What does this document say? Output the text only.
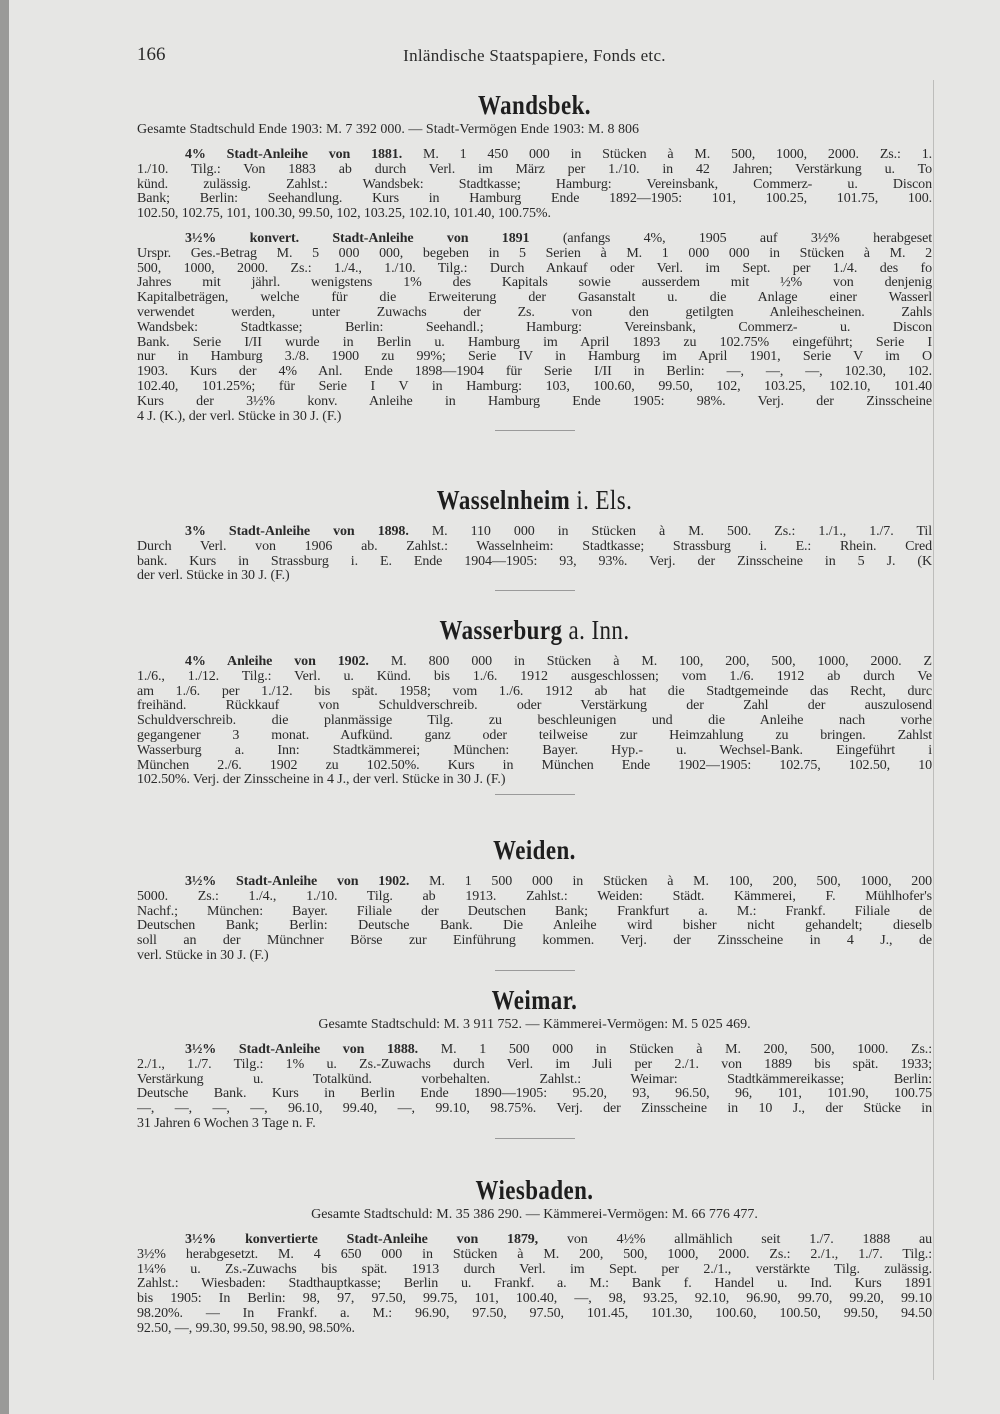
166	Inländische Staatspapiere, Fonds etc.
Wandsbek.
Gesamte Stadtschuld Ende 1903: M. 7 392 000. — Stadt-Vermögen Ende 1903: M. 8 806
4% Stadt-Anleihe von 1881. M. 1 450 000 in Stücken à M. 500, 1000, 2000. Zs.: 1.
1./10. Tilg.: Von 1883 ab durch Verl. im März per 1./10. in 42 Jahren; Verstärkung u. To
künd. zulässig. Zahlst.: Wandsbek: Stadtkasse; Hamburg: Vereinsbank, Commerz- u. Discon
Bank; Berlin: Seehandlung. Kurs in Hamburg Ende 1892—1905: 101, 100.25, 101.75, 100.
102.50, 102.75, 101, 100.30, 99.50, 102, 103.25, 102.10, 101.40, 100.75%.
3½% konvert. Stadt-Anleihe von 1891 (anfangs 4%, 1905 auf 3½% herabgeset
Urspr. Ges.-Betrag M. 5 000 000, begeben in 5 Serien à M. 1 000 000 in Stücken à M. 2
500, 1000, 2000. Zs.: 1./4., 1./10. Tilg.: Durch Ankauf oder Verl. im Sept. per 1./4. des fo
Jahres mit jährl. wenigstens 1% des Kapitals sowie ausserdem mit ½% von denjenig
Kapitalbeträgen, welche für die Erweiterung der Gasanstalt u. die Anlage einer Wasserl
verwendet werden, unter Zuwachs der Zs. von den getilgten Anleihescheinen. Zahls
Wandsbek: Stadtkasse; Berlin: Seehandl.; Hamburg: Vereinsbank, Commerz- u. Discon
Bank. Serie I/II wurde in Berlin u. Hamburg im April 1893 zu 102.75% eingeführt; Serie I
nur in Hamburg 3./8. 1900 zu 99%; Serie IV in Hamburg im April 1901, Serie V im O
1903. Kurs der 4% Anl. Ende 1898—1904 für Serie I/II in Berlin: —, —, —, 102.30, 102.
102.40, 101.25%; für Serie I V in Hamburg: 103, 100.60, 99.50, 102, 103.25, 102.10, 101.40
Kurs der 3½% konv. Anleihe in Hamburg Ende 1905: 98%. Verj. der Zinsscheine
4 J. (K.), der verl. Stücke in 30 J. (F.)
Wasselnheim i. Els.
3% Stadt-Anleihe von 1898. M. 110 000 in Stücken à M. 500. Zs.: 1./1., 1./7. Til
Durch Verl. von 1906 ab. Zahlst.: Wasselnheim: Stadtkasse; Strassburg i. E.: Rhein. Cred
bank. Kurs in Strassburg i. E. Ende 1904—1905: 93, 93%. Verj. der Zinsscheine in 5 J. (K
der verl. Stücke in 30 J. (F.)
Wasserburg a. Inn.
4% Anleihe von 1902. M. 800 000 in Stücken à M. 100, 200, 500, 1000, 2000. Z
1./6., 1./12. Tilg.: Verl. u. Künd. bis 1./6. 1912 ausgeschlossen; vom 1./6. 1912 ab durch Ve
am 1./6. per 1./12. bis spät. 1958; vom 1./6. 1912 ab hat die Stadtgemeinde das Recht, durc
freihänd. Rückkauf von Schuldverschreib. oder Verstärkung der Zahl der auszulosend
Schuldverschreib. die planmässige Tilg. zu beschleunigen und die Anleihe nach vorhe
gegangener 3 monat. Aufkünd. ganz oder teilweise zur Heimzahlung zu bringen. Zahlst
Wasserburg a. Inn: Stadtkämmerei; München: Bayer. Hyp.- u. Wechsel-Bank. Eingeführt i
München 2./6. 1902 zu 102.50%. Kurs in München Ende 1902—1905: 102.75, 102.50, 10
102.50%. Verj. der Zinsscheine in 4 J., der verl. Stücke in 30 J. (F.)
Weiden.
3½% Stadt-Anleihe von 1902. M. 1 500 000 in Stücken à M. 100, 200, 500, 1000, 200
5000. Zs.: 1./4., 1./10. Tilg. ab 1913. Zahlst.: Weiden: Städt. Kämmerei, F. Mühlhofer's
Nachf.; München: Bayer. Filiale der Deutschen Bank; Frankfurt a. M.: Frankf. Filiale de
Deutschen Bank; Berlin: Deutsche Bank. Die Anleihe wird bisher nicht gehandelt; dieselb
soll an der Münchner Börse zur Einführung kommen. Verj. der Zinsscheine in 4 J., de
verl. Stücke in 30 J. (F.)
Weimar.
Gesamte Stadtschuld: M. 3 911 752. — Kämmerei-Vermögen: M. 5 025 469.
3½% Stadt-Anleihe von 1888. M. 1 500 000 in Stücken à M. 200, 500, 1000. Zs.:
2./1., 1./7. Tilg.: 1% u. Zs.-Zuwachs durch Verl. im Juli per 2./1. von 1889 bis spät. 1933;
Verstärkung u. Totalkünd. vorbehalten. Zahlst.: Weimar: Stadtkämmereikasse; Berlin:
Deutsche Bank. Kurs in Berlin Ende 1890—1905: 95.20, 93, 96.50, 96, 101, 101.90, 100.75
—, —, —, —, 96.10, 99.40, —, 99.10, 98.75%. Verj. der Zinsscheine in 10 J., der Stücke in
31 Jahren 6 Wochen 3 Tage n. F.
Wiesbaden.
Gesamte Stadtschuld: M. 35 386 290. — Kämmerei-Vermögen: M. 66 776 477.
3½% konvertierte Stadt-Anleihe von 1879, von 4½% allmählich seit 1./7. 1888 au
3½% herabgesetzt. M. 4 650 000 in Stücken à M. 200, 500, 1000, 2000. Zs.: 2./1., 1./7. Tilg.:
1¼% u. Zs.-Zuwachs bis spät. 1913 durch Verl. im Sept. per 2./1., verstärkte Tilg. zulässig.
Zahlst.: Wiesbaden: Stadthauptkasse; Berlin u. Frankf. a. M.: Bank f. Handel u. Ind. Kurs 1891
bis 1905: In Berlin: 98, 97, 97.50, 99.75, 101, 100.40, —, 98, 93.25, 92.10, 96.90, 99.70, 99.20, 99.10
98.20%. — In Frankf. a. M.: 96.90, 97.50, 97.50, 101.45, 101.30, 100.60, 100.50, 99.50, 94.50
92.50, —, 99.30, 99.50, 98.90, 98.50%.
